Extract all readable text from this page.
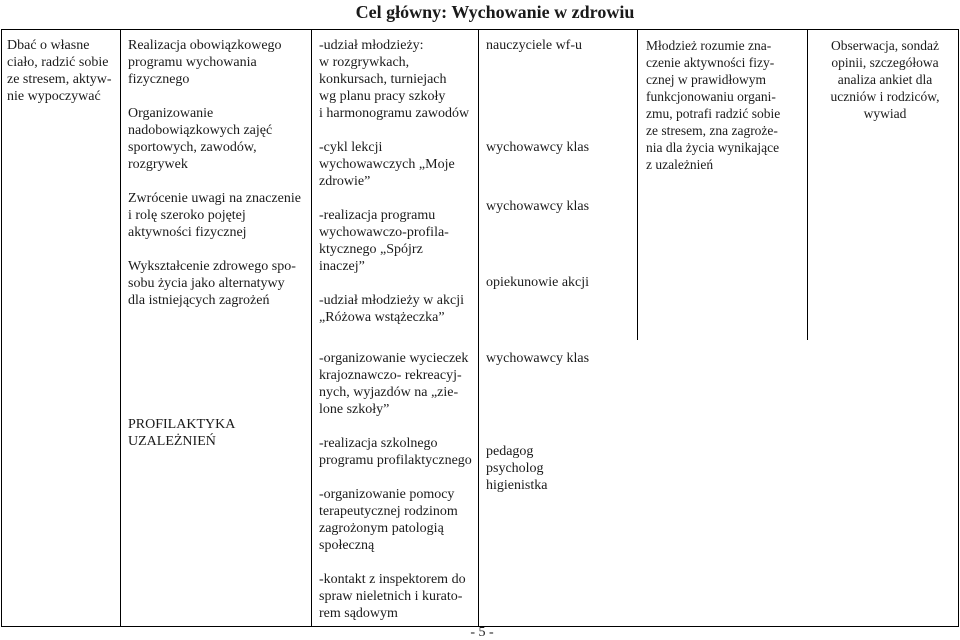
Cel główny: Wychowanie w zdrowiu
Dbać o własne
ciało, radzić sobie
ze stresem, aktyw-
nie wypoczywać
Realizacja obowiązkowego
programu wychowania
fizycznego
Organizowanie
nadobowiązkowych zajęć
sportowych, zawodów,
rozgrywek
Zwrócenie uwagi na znaczenie
i rolę szeroko pojętej
aktywności fizycznej
Wykształcenie zdrowego spo-
sobu życia jako alternatywy
dla istniejących zagrożeń
PROFILAKTYKA
UZALEŻNIEŃ
-udział młodzieży:
w rozgrywkach,
konkursach, turniejach
wg planu pracy szkoły
i harmonogramu zawodów
-cykl lekcji
wychowawczych „Moje
zdrowie”
-realizacja programu
wychowawczo-profila-
ktycznego „Spójrz
inaczej”
-udział młodzieży w akcji
„Różowa wstążeczka”
-organizowanie wycieczek
krajoznawczo- rekreacyj-
nych, wyjazdów na „zie-
lone szkoły”
-realizacja szkolnego
programu profilaktycznego
-organizowanie pomocy
terapeutycznej rodzinom
zagrożonym patologią
społeczną
-kontakt z inspektorem do
spraw nieletnich i kurato-
rem sądowym
nauczyciele wf-u
wychowawcy klas
wychowawcy klas
opiekunowie akcji
wychowawcy klas
pedagog
psycholog
higienistka
Młodzież rozumie zna-
czenie aktywności fizy-
cznej w prawidłowym
funkcjonowaniu organi-
zmu, potrafi radzić sobie
ze stresem, zna zagroże-
nia dla życia wynikające
z uzależnień
Obserwacja, sondaż
opinii, szczegółowa
analiza ankiet dla
uczniów i rodziców,
wywiad
- 5 -
